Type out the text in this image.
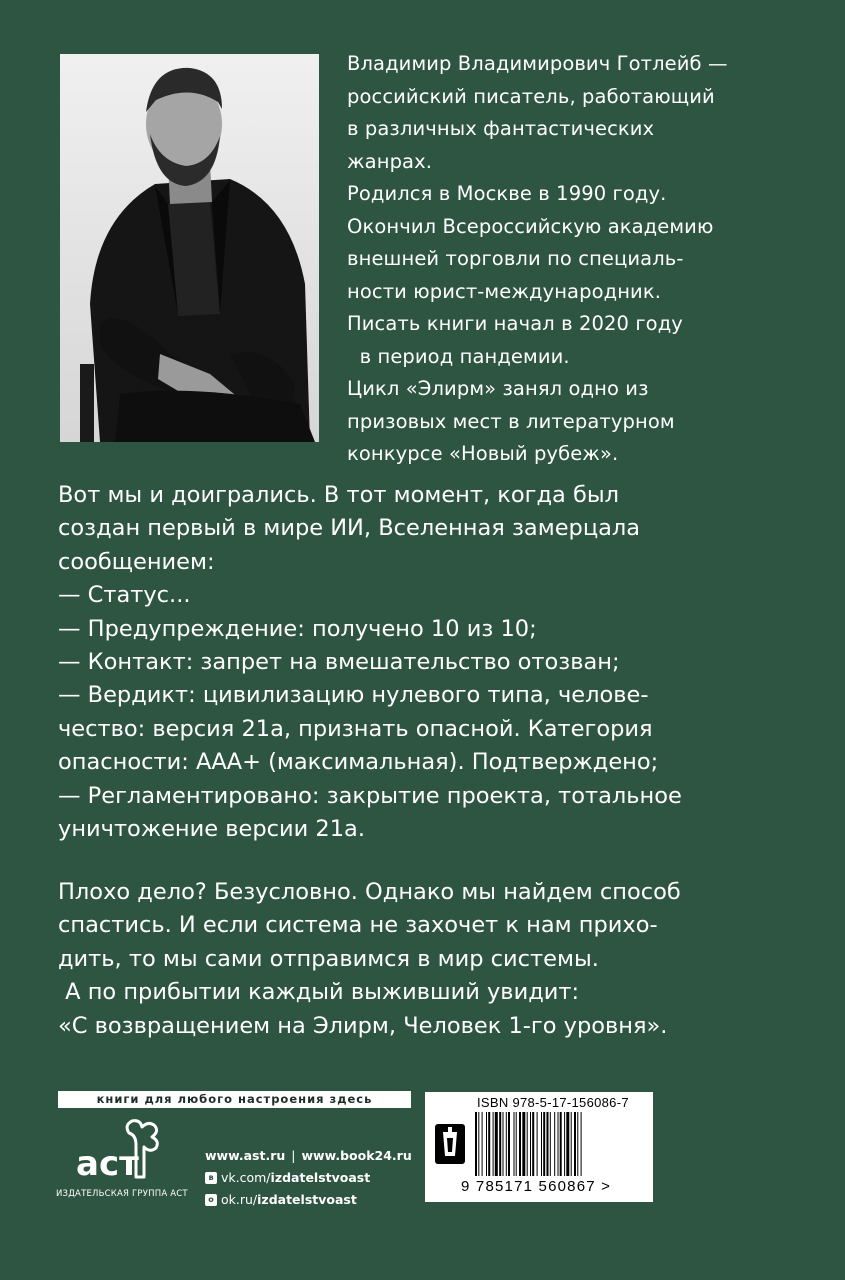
Владимир Владимирович Готлейб —
российский писатель, работающий
в различных фантастических
жанрах.
Родился в Москве в 1990 году.
Окончил Всероссийскую академию
внешней торговли по специаль-
ности юрист-международник.
Писать книги начал в 2020 году
в период пандемии.
Цикл «Элирм» занял одно из
призовых мест в литературном
конкурсе «Новый рубеж».
Вот мы и доигрались. В тот момент, когда был
создан первый в мире ИИ, Вселенная замерцала
сообщением:
— Статус...
— Предупреждение: получено 10 из 10;
— Контакт: запрет на вмешательство отозван;
— Вердикт: цивилизацию нулевого типа, челове-
чество: версия 21а, признать опасной. Категория
опасности: ААА+ (максимальная). Подтверждено;
— Регламентировано: закрытие проекта, тотальное
уничтожение версии 21а.
Плохо дело? Безусловно. Однако мы найдем способ
спастись. И если система не захочет к нам прихо-
дить, то мы сами отправимся в мир системы.
А по прибытии каждый выживший увидит:
«С возвращением на Элирм, Человек 1-го уровня».
книги для любого настроения здесь
аст
ИЗДАТЕЛЬСКАЯ ГРУППА АСТ
www.ast.ru | www.book24.ru
в vk.com/ izdatelstvoast
о ok.ru/ izdatelstvoast
ISBN 978-5-17-156086-7
9 785171 560867 >
